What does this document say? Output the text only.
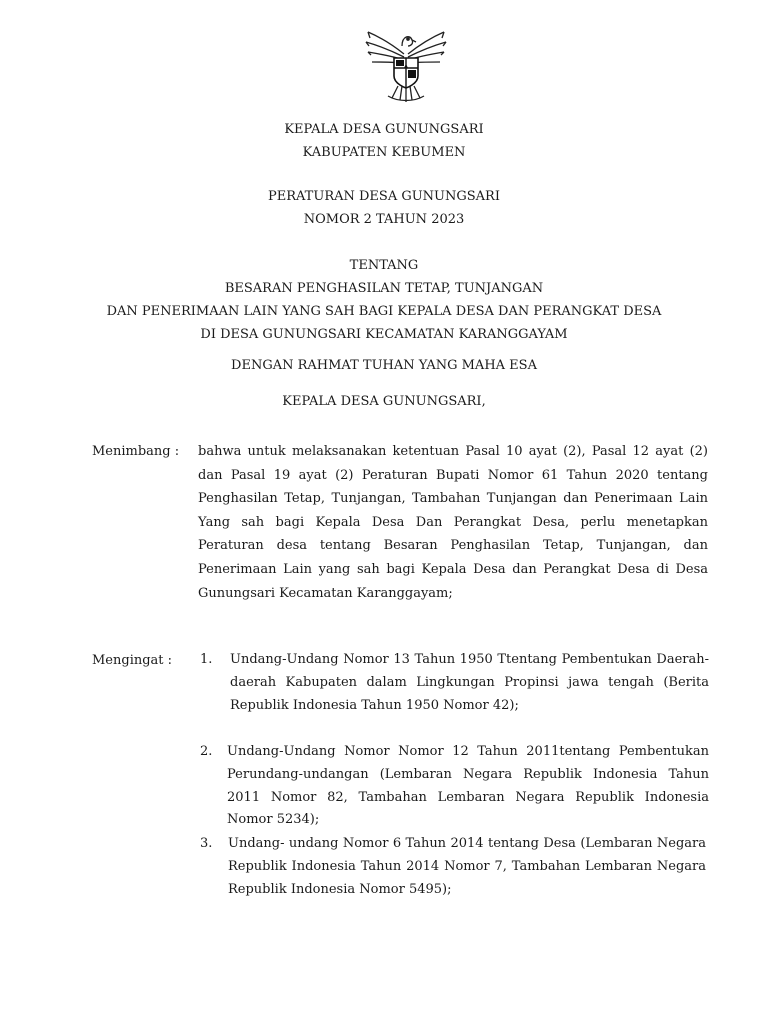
KEPALA DESA GUNUNGSARI
KABUPATEN KEBUMEN
PERATURAN DESA GUNUNGSARI
NOMOR 2 TAHUN 2023
TENTANG
BESARAN PENGHASILAN TETAP, TUNJANGAN
DAN PENERIMAAN LAIN YANG SAH BAGI KEPALA DESA DAN PERANGKAT DESA
DI DESA GUNUNGSARI KECAMATAN KARANGGAYAM
DENGAN RAHMAT TUHAN YANG MAHA ESA
KEPALA DESA GUNUNGSARI,
Menimbang : bahwa untuk melaksanakan ketentuan Pasal 10 ayat (2), Pasal 12 ayat (2) dan Pasal 19 ayat (2) Peraturan Bupati Nomor 61 Tahun 2020 tentang Penghasilan Tetap, Tunjangan, Tambahan Tunjangan dan Penerimaan Lain Yang sah bagi Kepala Desa Dan Perangkat Desa, perlu menetapkan Peraturan desa tentang Besaran Penghasilan Tetap, Tunjangan, dan Penerimaan Lain yang sah bagi Kepala Desa dan Perangkat Desa di Desa Gunungsari Kecamatan Karanggayam;
Mengingat : 1. Undang-Undang Nomor 13 Tahun 1950 Ttentang Pembentukan Daerah-daerah Kabupaten dalam Lingkungan Propinsi jawa tengah (Berita Republik Indonesia Tahun 1950 Nomor 42);
2. Undang-Undang Nomor Nomor 12 Tahun 2011tentang Pembentukan Perundang-undangan (Lembaran Negara Republik Indonesia Tahun 2011 Nomor 82, Tambahan Lembaran Negara Republik Indonesia Nomor 5234);
3. Undang- undang Nomor 6 Tahun 2014 tentang Desa (Lembaran Negara Republik Indonesia Tahun 2014 Nomor 7, Tambahan Lembaran Negara Republik Indonesia Nomor 5495);
